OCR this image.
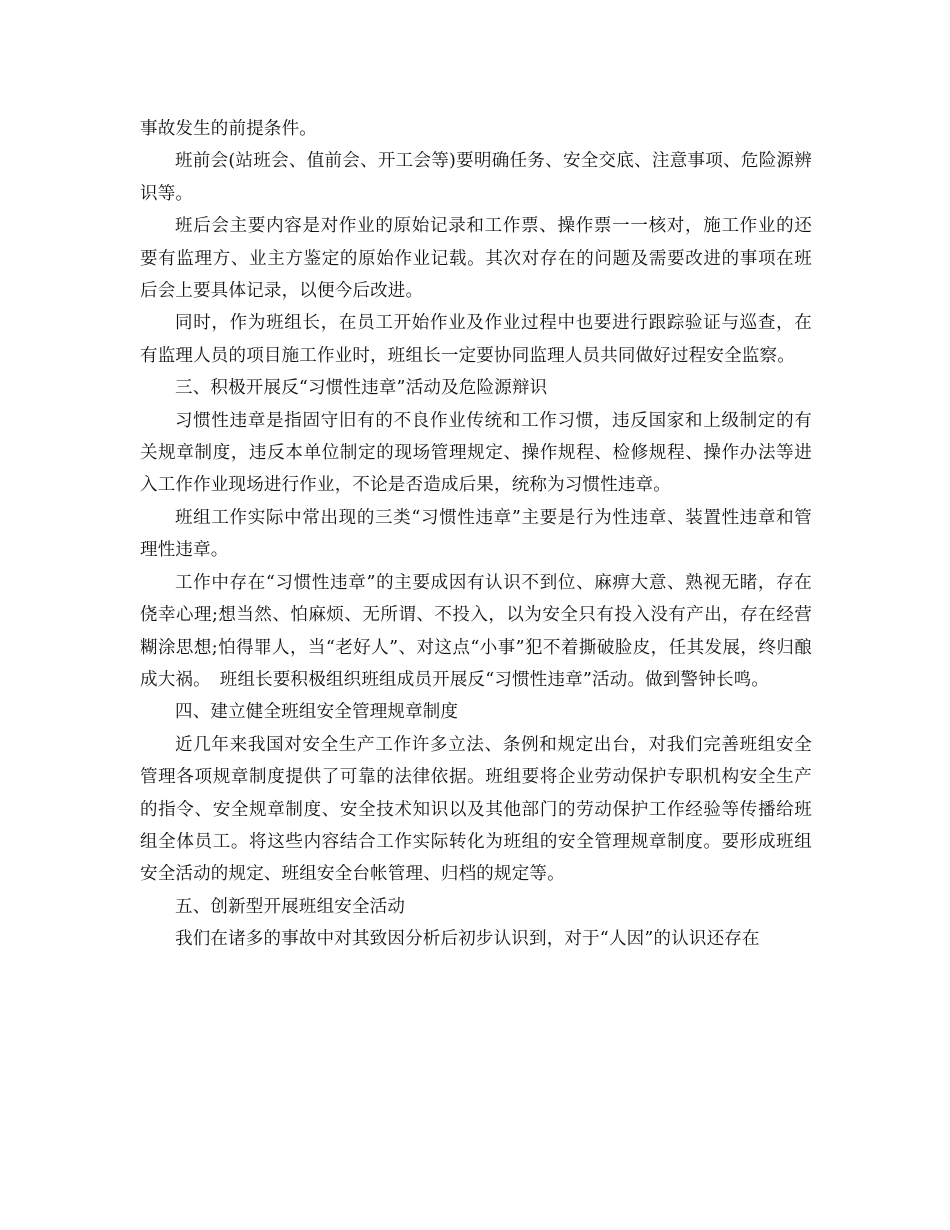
事故发生的前提条件。

班前会(站班会、值前会、开工会等)要明确任务、安全交底、注意事项、危险源辨识等。

班后会主要内容是对作业的原始记录和工作票、操作票一一核对，施工作业的还要有监理方、业主方鉴定的原始作业记载。其次对存在的问题及需要改进的事项在班后会上要具体记录，以便今后改进。

同时，作为班组长，在员工开始作业及作业过程中也要进行跟踪验证与巡查，在有监理人员的项目施工作业时，班组长一定要协同监理人员共同做好过程安全监察。

三、积极开展反“习惯性违章”活动及危险源辩识

习惯性违章是指固守旧有的不良作业传统和工作习惯，违反国家和上级制定的有关规章制度，违反本单位制定的现场管理规定、操作规程、检修规程、操作办法等进入工作作业现场进行作业，不论是否造成后果，统称为习惯性违章。

班组工作实际中常出现的三类“习惯性违章”主要是行为性违章、装置性违章和管理性违章。

工作中存在“习惯性违章”的主要成因有认识不到位、麻痹大意、熟视无睹，存在侥幸心理;想当然、怕麻烦、无所谓、不投入，以为安全只有投入没有产出，存在经营糊涂思想;怕得罪人，当“老好人”、对这点“小事”犯不着撕破脸皮，任其发展，终归酿成大祸。　班组长要积极组织班组成员开展反“习惯性违章”活动。做到警钟长鸣。

四、建立健全班组安全管理规章制度

近几年来我国对安全生产工作许多立法、条例和规定出台，对我们完善班组安全管理各项规章制度提供了可靠的法律依据。班组要将企业劳动保护专职机构安全生产的指令、安全规章制度、安全技术知识以及其他部门的劳动保护工作经验等传播给班组全体员工。将这些内容结合工作实际转化为班组的安全管理规章制度。要形成班组安全活动的规定、班组安全台帐管理、归档的规定等。

五、创新型开展班组安全活动

我们在诸多的事故中对其致因分析后初步认识到，对于“人因”的认识还存在
